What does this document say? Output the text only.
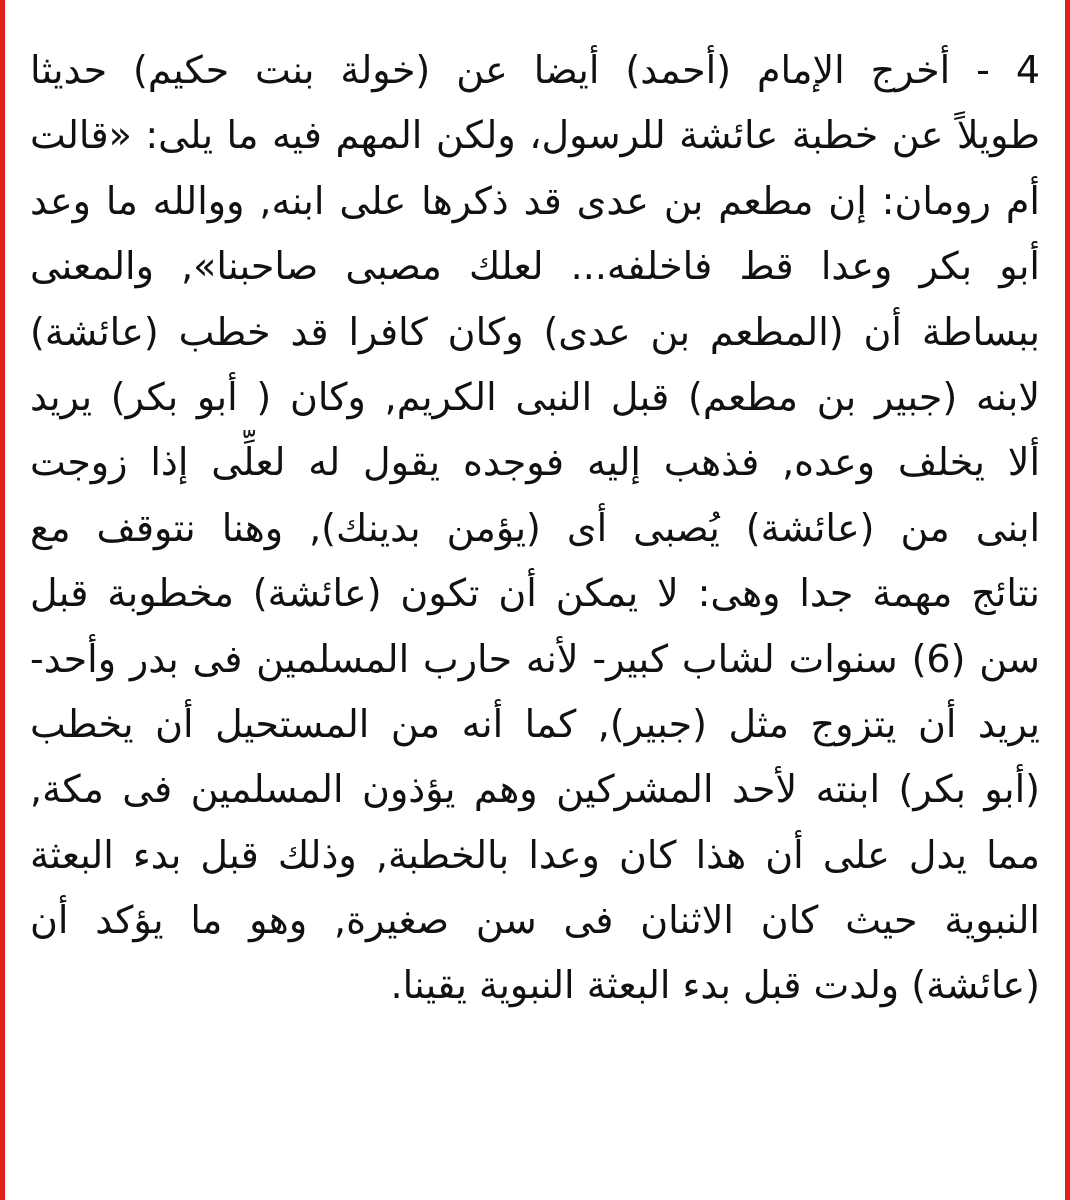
4 - أخرج الإمام (أحمد) أيضا عن (خولة بنت حكيم) حديثا
طويلاً عن خطبة عائشة للرسول، ولكن المهم فيه ما يلى: «قالت
أم رومان: إن مطعم بن عدى قد ذكرها على ابنه, ووالله ما وعد
أبو بكر وعدا قط فاخلفه... لعلك مصبى صاحبنا», والمعنى
ببساطة أن (المطعم بن عدى) وكان كافرا قد خطب (عائشة)
لابنه (جبير بن مطعم) قبل النبى الكريم, وكان ( أبو بكر) يريد
ألا يخلف وعده, فذهب إليه فوجده يقول له لعلِّى إذا زوجت
ابنى من (عائشة) يُصبى أى (يؤمن بدينك), وهنا نتوقف مع
نتائج مهمة جدا وهى: لا يمكن أن تكون (عائشة) مخطوبة قبل
سن (6) سنوات لشاب كبير- لأنه حارب المسلمين فى بدر وأحد-
يريد أن يتزوج مثل (جبير), كما أنه من المستحيل أن يخطب
(أبو بكر) ابنته لأحد المشركين وهم يؤذون المسلمين فى مكة,
مما يدل على أن هذا كان وعدا بالخطبة, وذلك قبل بدء البعثة
النبوية حيث كان الاثنان فى سن صغيرة, وهو ما يؤكد أن
(عائشة) ولدت قبل بدء البعثة النبوية يقينا.
